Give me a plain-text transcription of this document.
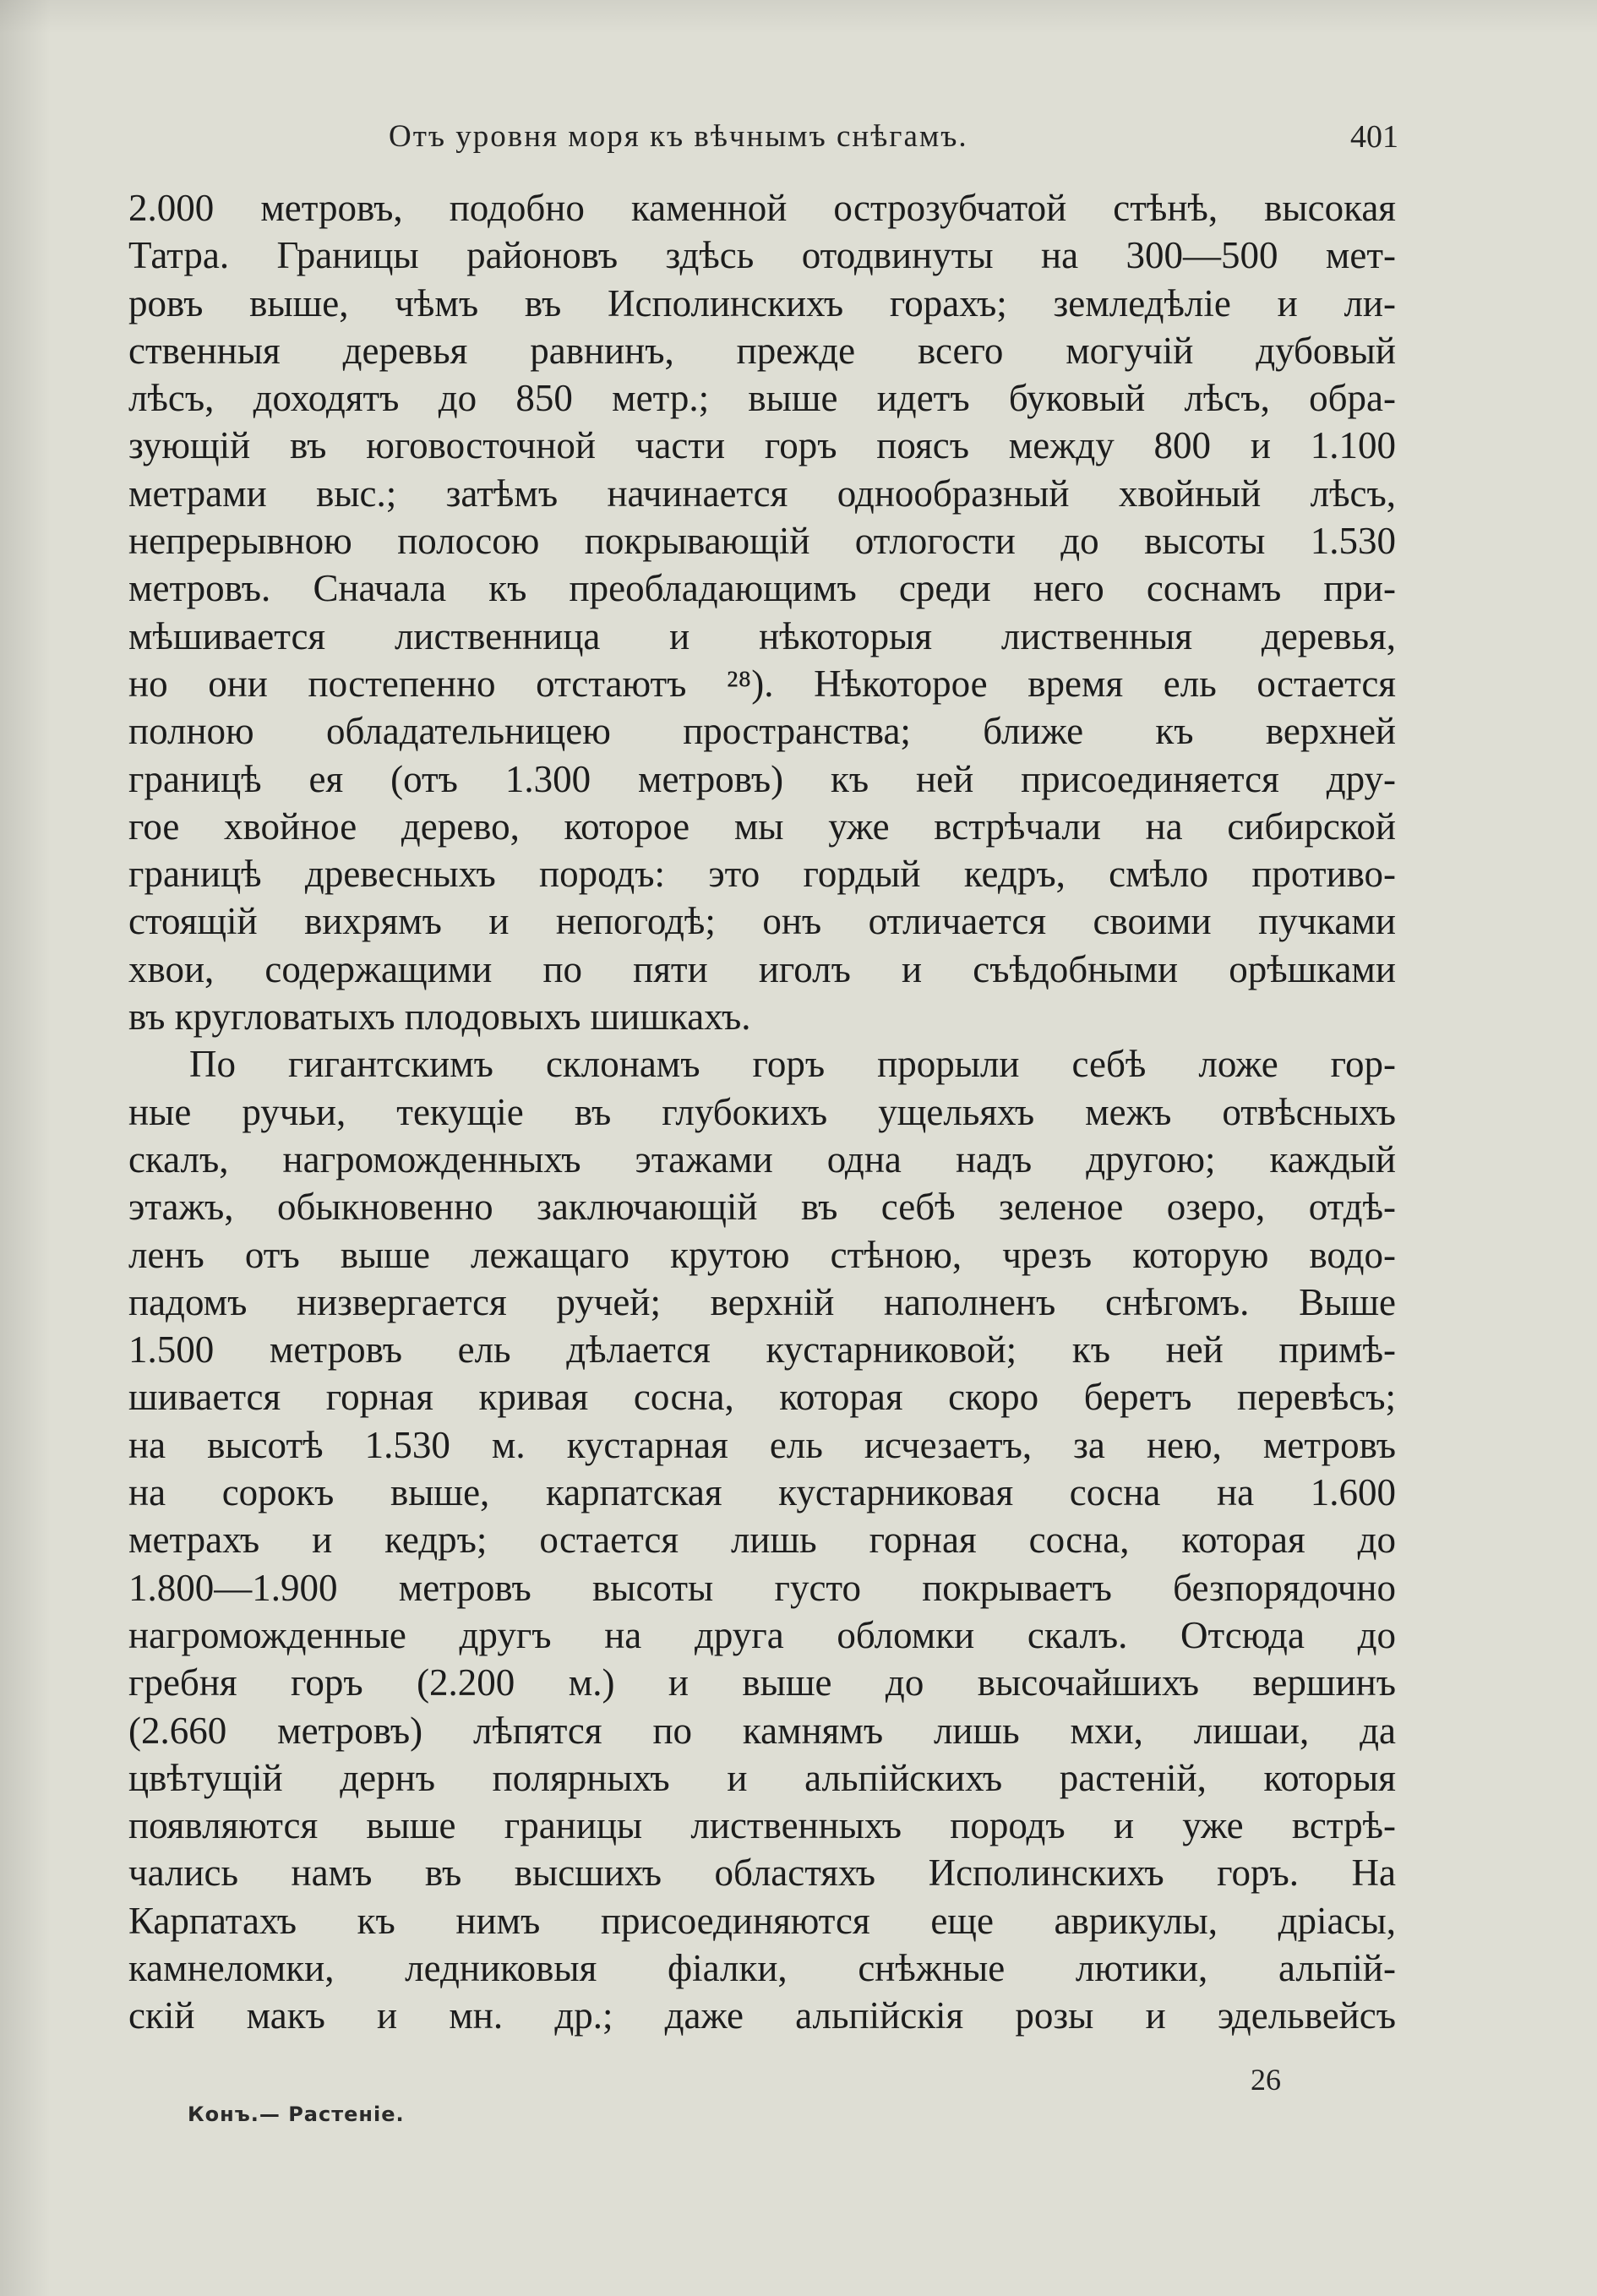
Отъ уровня моря къ вѣчнымъ снѣгамъ.	401
2.000 метровъ, подобно каменной острозубчатой стѣнѣ, высокая
Татра. Границы районовъ здѣсь отодвинуты на 300—500 мет-
ровъ выше, чѣмъ въ Исполинскихъ горахъ; земледѣліе и ли-
ственныя деревья равнинъ, прежде всего могучій дубовый
лѣсъ, доходятъ до 850 метр.; выше идетъ буковый лѣсъ, обра-
зующій въ юговосточной части горъ поясъ между 800 и 1.100
метрами выс.; затѣмъ начинается однообразный хвойный лѣсъ,
непрерывною полосою покрывающій отлогости до высоты 1.530
метровъ. Сначала къ преобладающимъ среди него соснамъ при-
мѣшивается лиственница и нѣкоторыя лиственныя деревья,
но они постепенно отстаютъ ²⁸). Нѣкоторое время ель остается
полною обладательницею пространства; ближе къ верхней
границѣ ея (отъ 1.300 метровъ) къ ней присоединяется дру-
гое хвойное дерево, которое мы уже встрѣчали на сибирской
границѣ древесныхъ породъ: это гордый кедръ, смѣло противо-
стоящій вихрямъ и непогодѣ; онъ отличается своими пучками
хвои, содержащими по пяти иголъ и съѣдобными орѣшками
въ кругловатыхъ плодовыхъ шишкахъ.
По гигантскимъ склонамъ горъ прорыли себѣ ложе гор-
ные ручьи, текущіе въ глубокихъ ущельяхъ межъ отвѣсныхъ
скалъ, нагроможденныхъ этажами одна надъ другою; каждый
этажъ, обыкновенно заключающій въ себѣ зеленое озеро, отдѣ-
ленъ отъ выше лежащаго крутою стѣною, чрезъ которую водо-
падомъ низвергается ручей; верхній наполненъ снѣгомъ. Выше
1.500 метровъ ель дѣлается кустарниковой; къ ней примѣ-
шивается горная кривая сосна, которая скоро беретъ перевѣсъ;
на высотѣ 1.530 м. кустарная ель исчезаетъ, за нею, метровъ
на сорокъ выше, карпатская кустарниковая сосна на 1.600
метрахъ и кедръ; остается лишь горная сосна, которая до
1.800—1.900 метровъ высоты густо покрываетъ безпорядочно
нагроможденные другъ на друга обломки скалъ. Отсюда до
гребня горъ (2.200 м.) и выше до высочайшихъ вершинъ
(2.660 метровъ) лѣпятся по камнямъ лишь мхи, лишаи, да
цвѣтущій дернъ полярныхъ и альпійскихъ растеній, которыя
появляются выше границы лиственныхъ породъ и уже встрѣ-
чались намъ въ высшихъ областяхъ Исполинскихъ горъ. На
Карпатахъ къ нимъ присоединяются еще аврикулы, дріасы,
камнеломки, ледниковыя фіалки, снѣжные лютики, альпій-
скій макъ и мн. др.; даже альпійскія розы и эдельвейсъ
26
Конъ.— Растеніе.
